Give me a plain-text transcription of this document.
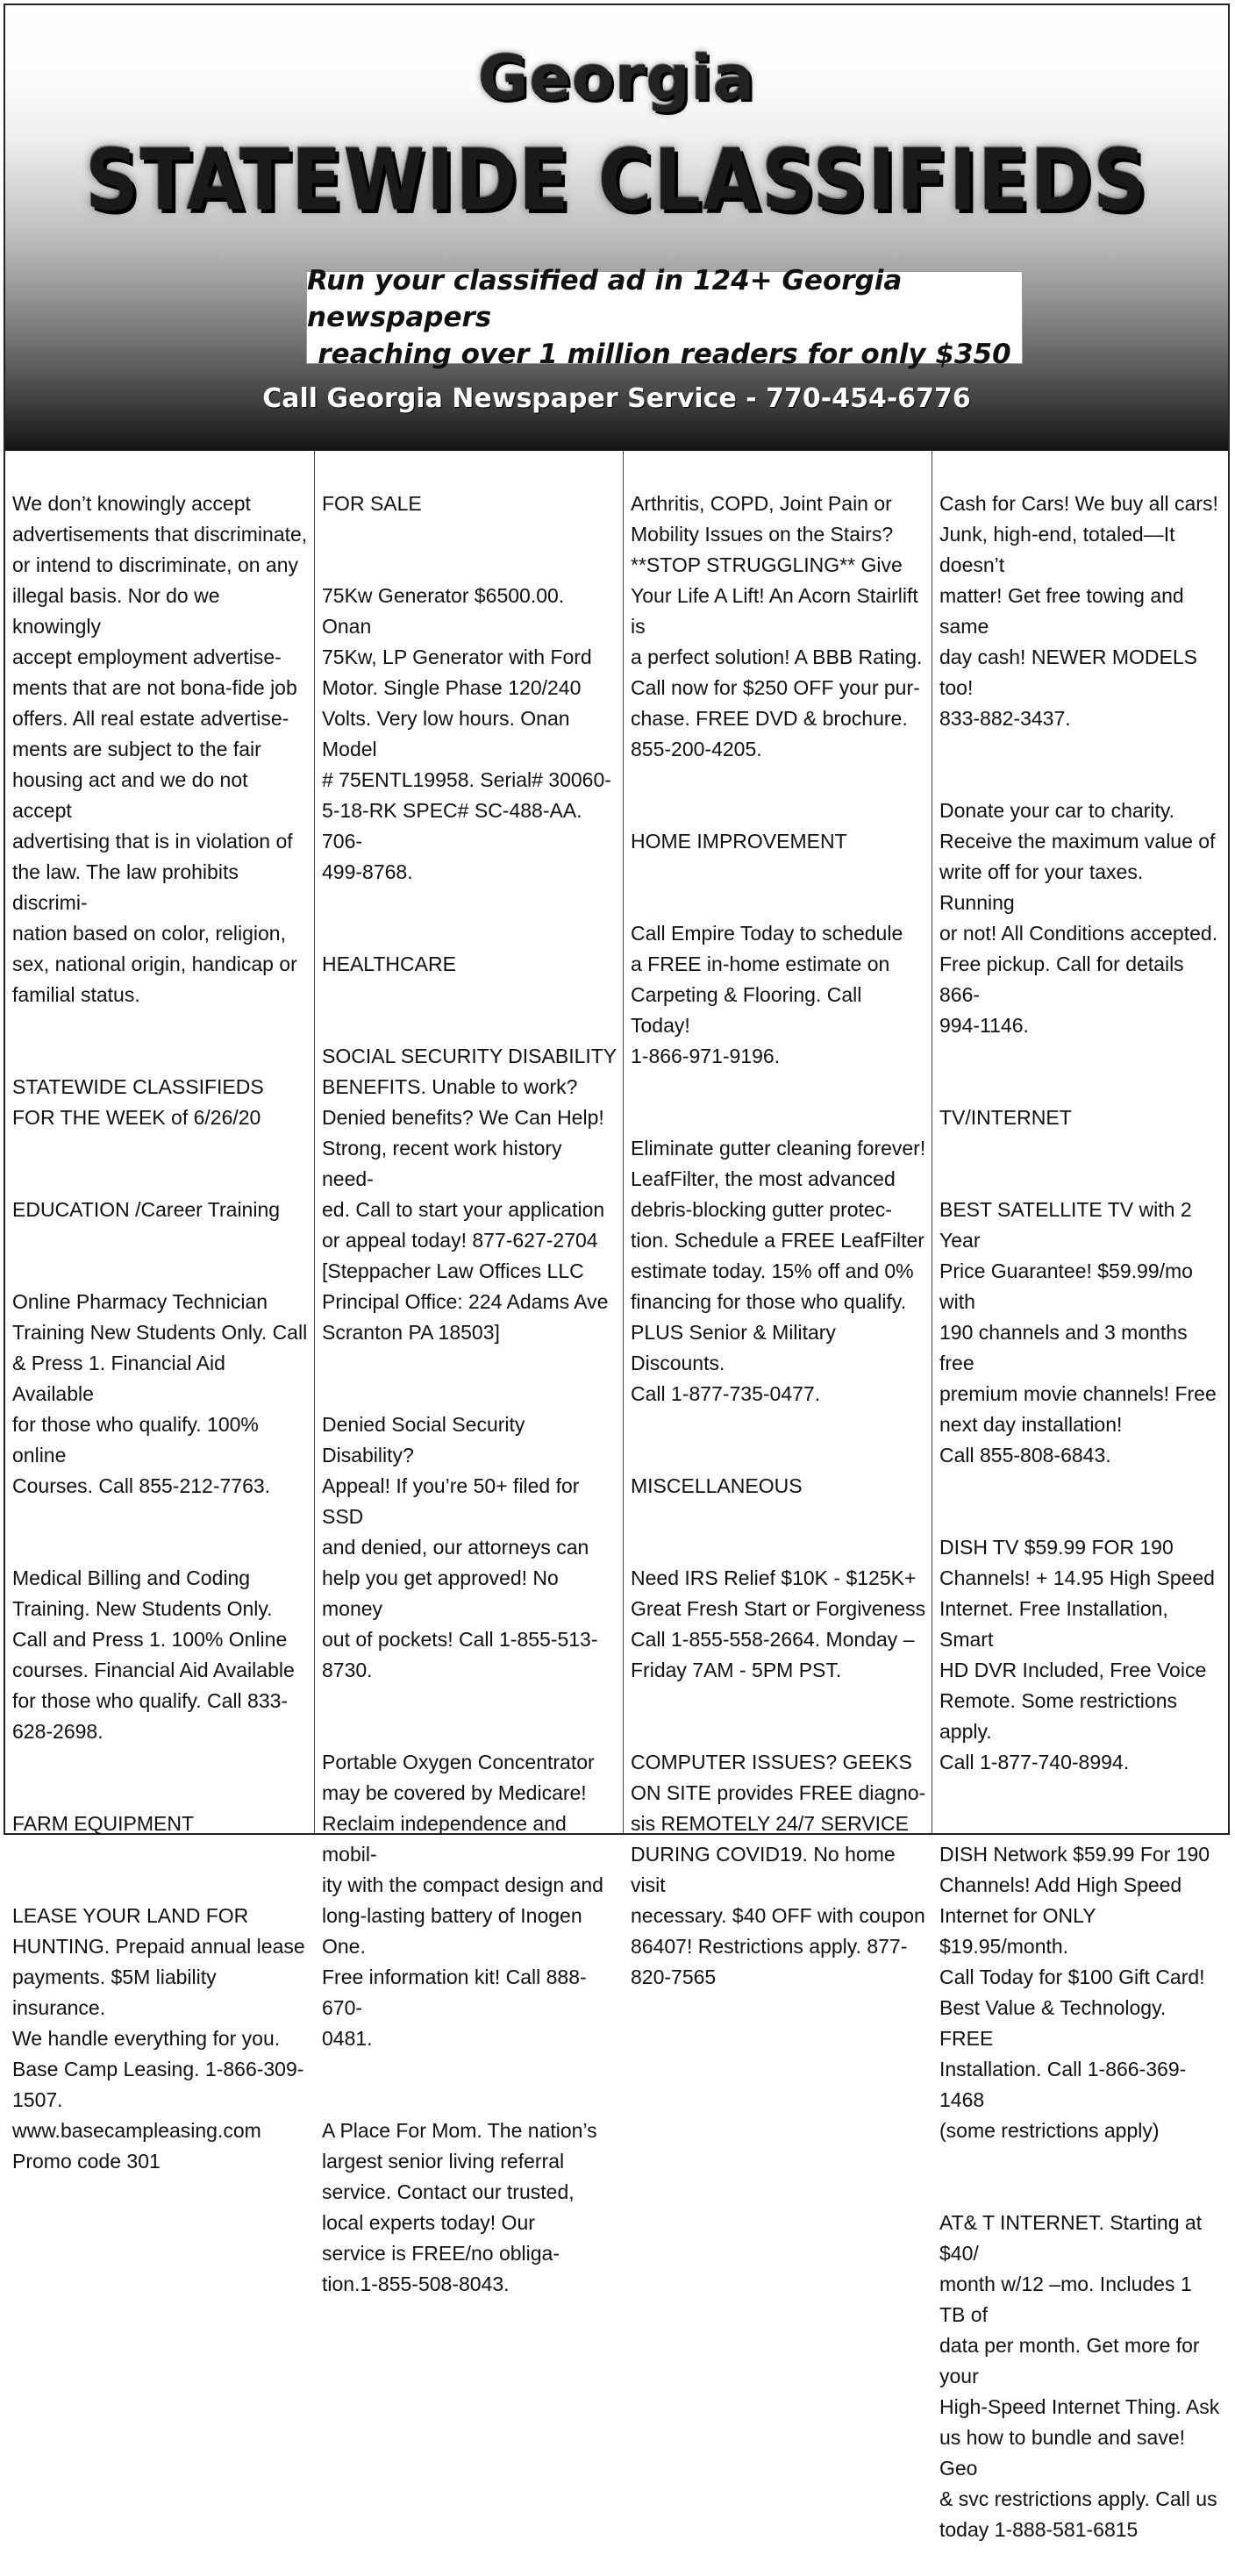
Georgia
STATEWIDE CLASSIFIEDS
Run your classified ad in 124+ Georgia newspapers
reaching over 1 million readers for only $350
Call Georgia Newspaper Service - 770-454-6776

We don’t knowingly accept
advertisements that discriminate,
or intend to discriminate, on any
illegal basis. Nor do we knowingly
accept employment advertise-
ments that are not bona-fide job
offers. All real estate advertise-
ments are subject to the fair
housing act and we do not accept
advertising that is in violation of
the law. The law prohibits discrimi-
nation based on color, religion,
sex, national origin, handicap or
familial status.

STATEWIDE CLASSIFIEDS
FOR THE WEEK of 6/26/20

EDUCATION /Career Training

Online Pharmacy Technician
Training New Students Only. Call
& Press 1. Financial Aid Available
for those who qualify. 100% online
Courses. Call 855-212-7763.

Medical Billing and Coding
Training. New Students Only.
Call and Press 1. 100% Online
courses. Financial Aid Available
for those who qualify. Call 833-
628-2698.

FARM EQUIPMENT

LEASE YOUR LAND FOR
HUNTING. Prepaid annual lease
payments. $5M liability insurance.
We handle everything for you.
Base Camp Leasing. 1-866-309-
1507. www.basecampleasing.com
Promo code 301

FOR SALE

75Kw Generator $6500.00. Onan
75Kw, LP Generator with Ford
Motor. Single Phase 120/240
Volts. Very low hours. Onan Model
# 75ENTL19958. Serial# 30060-
5-18-RK SPEC# SC-488-AA. 706-
499-8768.

HEALTHCARE

SOCIAL SECURITY DISABILITY
BENEFITS. Unable to work?
Denied benefits? We Can Help!
Strong, recent work history need-
ed. Call to start your application
or appeal today! 877-627-2704
[Steppacher Law Offices LLC
Principal Office: 224 Adams Ave
Scranton PA 18503]

Denied Social Security Disability?
Appeal! If you’re 50+ filed for SSD
and denied, our attorneys can
help you get approved! No money
out of pockets! Call 1-855-513-
8730.

Portable Oxygen Concentrator
may be covered by Medicare!
Reclaim independence and mobil-
ity with the compact design and
long-lasting battery of Inogen One.
Free information kit! Call 888-670-
0481.

A Place For Mom. The nation’s
largest senior living referral
service. Contact our trusted,
local experts today! Our
service is FREE/no obliga-
tion.1-855-508-8043.

Arthritis, COPD, Joint Pain or
Mobility Issues on the Stairs?
**STOP STRUGGLING** Give
Your Life A Lift! An Acorn Stairlift is
a perfect solution! A BBB Rating.
Call now for $250 OFF your pur-
chase. FREE DVD & brochure.
855-200-4205.

HOME IMPROVEMENT

Call Empire Today to schedule
a FREE in-home estimate on
Carpeting & Flooring. Call Today!
1-866-971-9196.

Eliminate gutter cleaning forever!
LeafFilter, the most advanced
debris-blocking gutter protec-
tion. Schedule a FREE LeafFilter
estimate today. 15% off and 0%
financing for those who qualify.
PLUS Senior & Military Discounts.
Call 1-877-735-0477.

MISCELLANEOUS

Need IRS Relief $10K - $125K+
Great Fresh Start or Forgiveness
Call 1-855-558-2664. Monday –
Friday 7AM - 5PM PST.

COMPUTER ISSUES? GEEKS
ON SITE provides FREE diagno-
sis REMOTELY 24/7 SERVICE
DURING COVID19. No home visit
necessary. $40 OFF with coupon
86407! Restrictions apply. 877-
820-7565

Cash for Cars! We buy all cars!
Junk, high-end, totaled—It doesn’t
matter! Get free towing and same
day cash! NEWER MODELS too!
833-882-3437.

Donate your car to charity.
Receive the maximum value of
write off for your taxes. Running
or not! All Conditions accepted.
Free pickup. Call for details 866-
994-1146.

TV/INTERNET

BEST SATELLITE TV with 2 Year
Price Guarantee! $59.99/mo with
190 channels and 3 months free
premium movie channels! Free
next day installation!
Call 855-808-6843.

DISH TV $59.99 FOR 190
Channels! + 14.95 High Speed
Internet. Free Installation, Smart
HD DVR Included, Free Voice
Remote. Some restrictions apply.
Call 1-877-740-8994.

DISH Network $59.99 For 190
Channels! Add High Speed
Internet for ONLY $19.95/month.
Call Today for $100 Gift Card!
Best Value & Technology. FREE
Installation. Call 1-866-369-1468
(some restrictions apply)

AT& T INTERNET. Starting at $40/
month w/12 –mo. Includes 1 TB of
data per month. Get more for your
High-Speed Internet Thing. Ask
us how to bundle and save! Geo
& svc restrictions apply. Call us
today 1-888-581-6815
